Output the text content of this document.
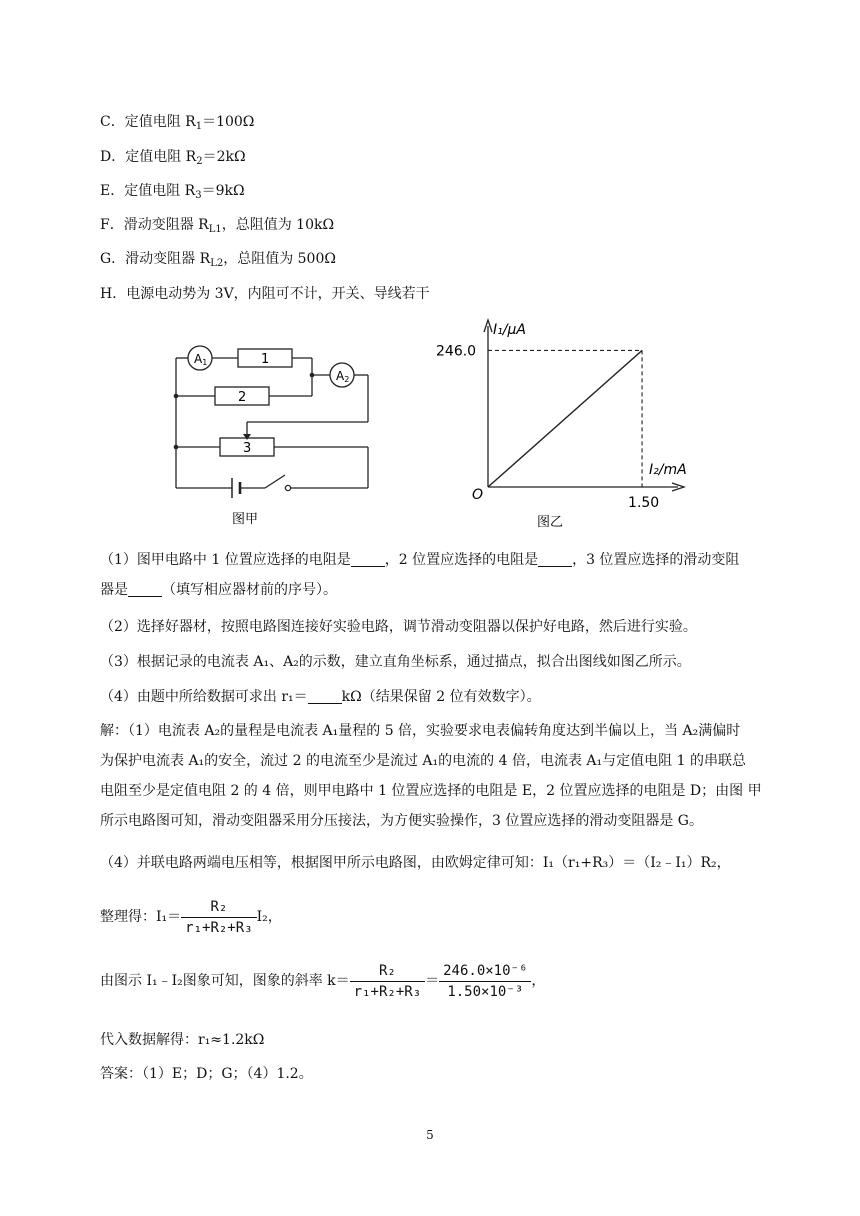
C．定值电阻 $R_1=100\Omega$
D．定值电阻 $R_2=2k\Omega$
E．定值电阻 $R_3=9k\Omega$
F．滑动变阻器 $R_{L1}$，总阻值为 10kΩ
G．滑动变阻器 $R_{L2}$，总阻值为 500Ω
H．电源电动势为 3V，内阻可不计，开关、导线若干
A1
A2
1
2
3
图甲
I₁/μA
I₂/mA
O
图乙
246.0
1.50
（1）图甲电路中 1 位置应选择的电阻是 ，2 位置应选择的电阻是 ，3 位置应选择的滑动变阻
器是 （填写相应器材前的序号）。
（2）选择好器材，按照电路图连接好实验电路，调节滑动变阻器以保护好电路，然后进行实验。
（3）根据记录的电流表 A₁、A₂的示数，建立直角坐标系，通过描点，拟合出图线如图乙所示。
（4）由题中所给数据可求出 r₁＝ kΩ（结果保留 2 位有效数字）。
解：（1）电流表 A₂的量程是电流表 A₁量程的 5 倍，实验要求电表偏转角度达到半偏以上，当 A₂满偏时
为保护电流表 A₁的安全，流过 2 的电流至少是流过 A₁的电流的 4 倍，电流表 A₁与定值电阻 1 的串联总
电阻至少是定值电阻 2 的 4 倍，则甲电路中 1 位置应选择的电阻是 E，2 位置应选择的电阻是 D；由图 甲
所示电路图可知，滑动变阻器采用分压接法，为方便实验操作，3 位置应选择的滑动变阻器是 G。
（4）并联电路两端电压相等，根据图甲所示电路图，由欧姆定律可知：I₁（r₁+R₃）＝（I₂﹣I₁）R₂，
整理得：$I_1= \frac{\text{R₂}}{\text{r₁+R₂+R₃}} I_2$，
由图示 I₁﹣I₂图象可知，图象的斜率 $k= \frac{\text{R₂}}{\text{r₁+R₂+R₃}} = \frac{\text{246.0×10⁻⁶}}{\text{1.50×10⁻³}}$ ，
代入数据解得：r₁≈1.2kΩ
答案：（1）E；D；G；（4）1.2。
5
